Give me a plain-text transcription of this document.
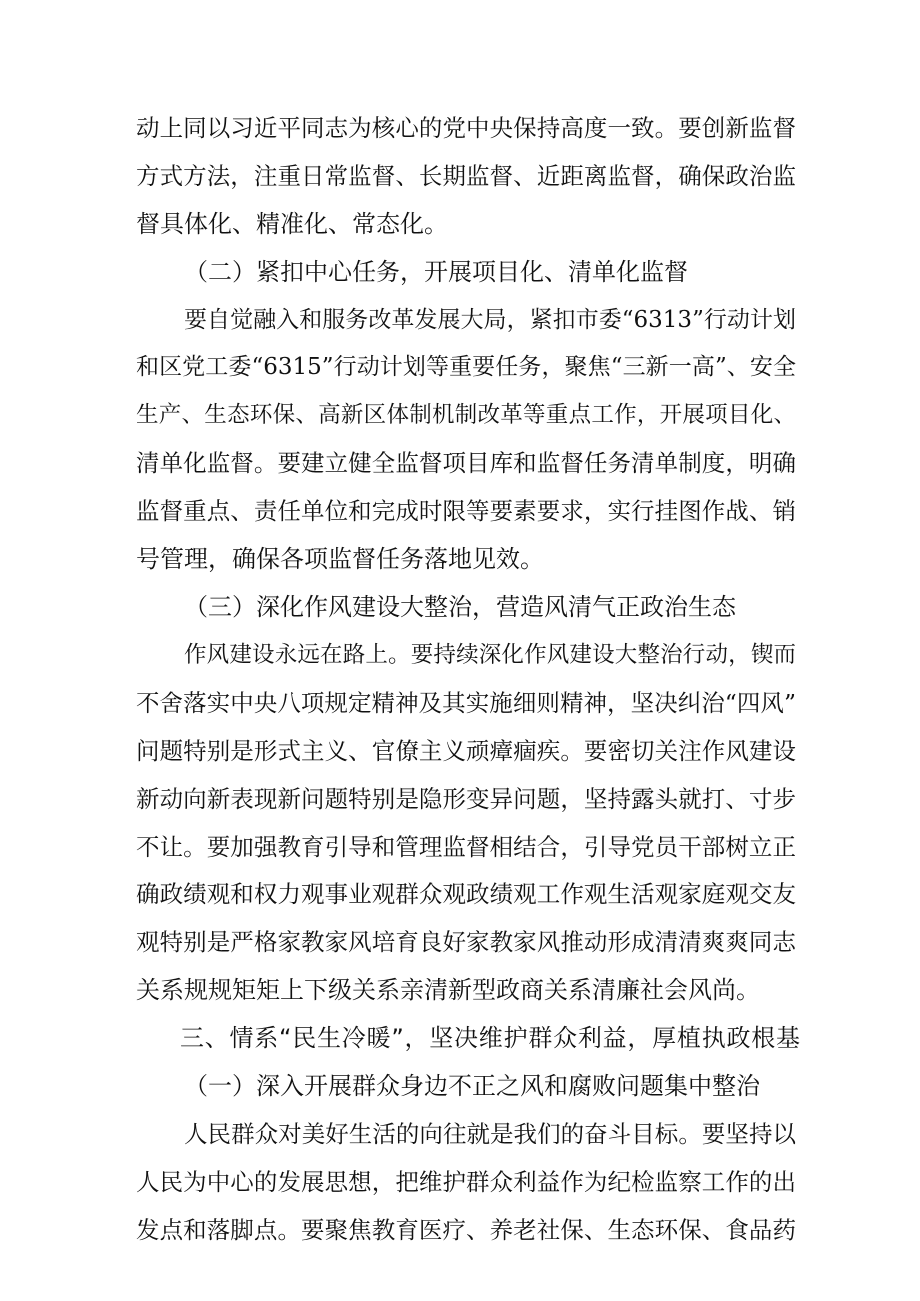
动上同以习近平同志为核心的党中央保持高度一致。要创新监督
方式方法，注重日常监督、长期监督、近距离监督，确保政治监
督具体化、精准化、常态化。
（二）紧扣中心任务，开展项目化、清单化监督
要自觉融入和服务改革发展大局，紧扣市委“6313”行动计划
和区党工委“6315”行动计划等重要任务，聚焦“三新一高”、安全
生产、生态环保、高新区体制机制改革等重点工作，开展项目化、
清单化监督。要建立健全监督项目库和监督任务清单制度，明确
监督重点、责任单位和完成时限等要素要求，实行挂图作战、销
号管理，确保各项监督任务落地见效。
（三）深化作风建设大整治，营造风清气正政治生态
作风建设永远在路上。要持续深化作风建设大整治行动，锲而
不舍落实中央八项规定精神及其实施细则精神，坚决纠治“四风”
问题特别是形式主义、官僚主义顽瘴痼疾。要密切关注作风建设
新动向新表现新问题特别是隐形变异问题，坚持露头就打、寸步
不让。要加强教育引导和管理监督相结合，引导党员干部树立正
确政绩观和权力观事业观群众观政绩观工作观生活观家庭观交友
观特别是严格家教家风培育良好家教家风推动形成清清爽爽同志
关系规规矩矩上下级关系亲清新型政商关系清廉社会风尚。
三、情系“民生冷暖”，坚决维护群众利益，厚植执政根基
（一）深入开展群众身边不正之风和腐败问题集中整治
人民群众对美好生活的向往就是我们的奋斗目标。要坚持以
人民为中心的发展思想，把维护群众利益作为纪检监察工作的出
发点和落脚点。要聚焦教育医疗、养老社保、生态环保、食品药
